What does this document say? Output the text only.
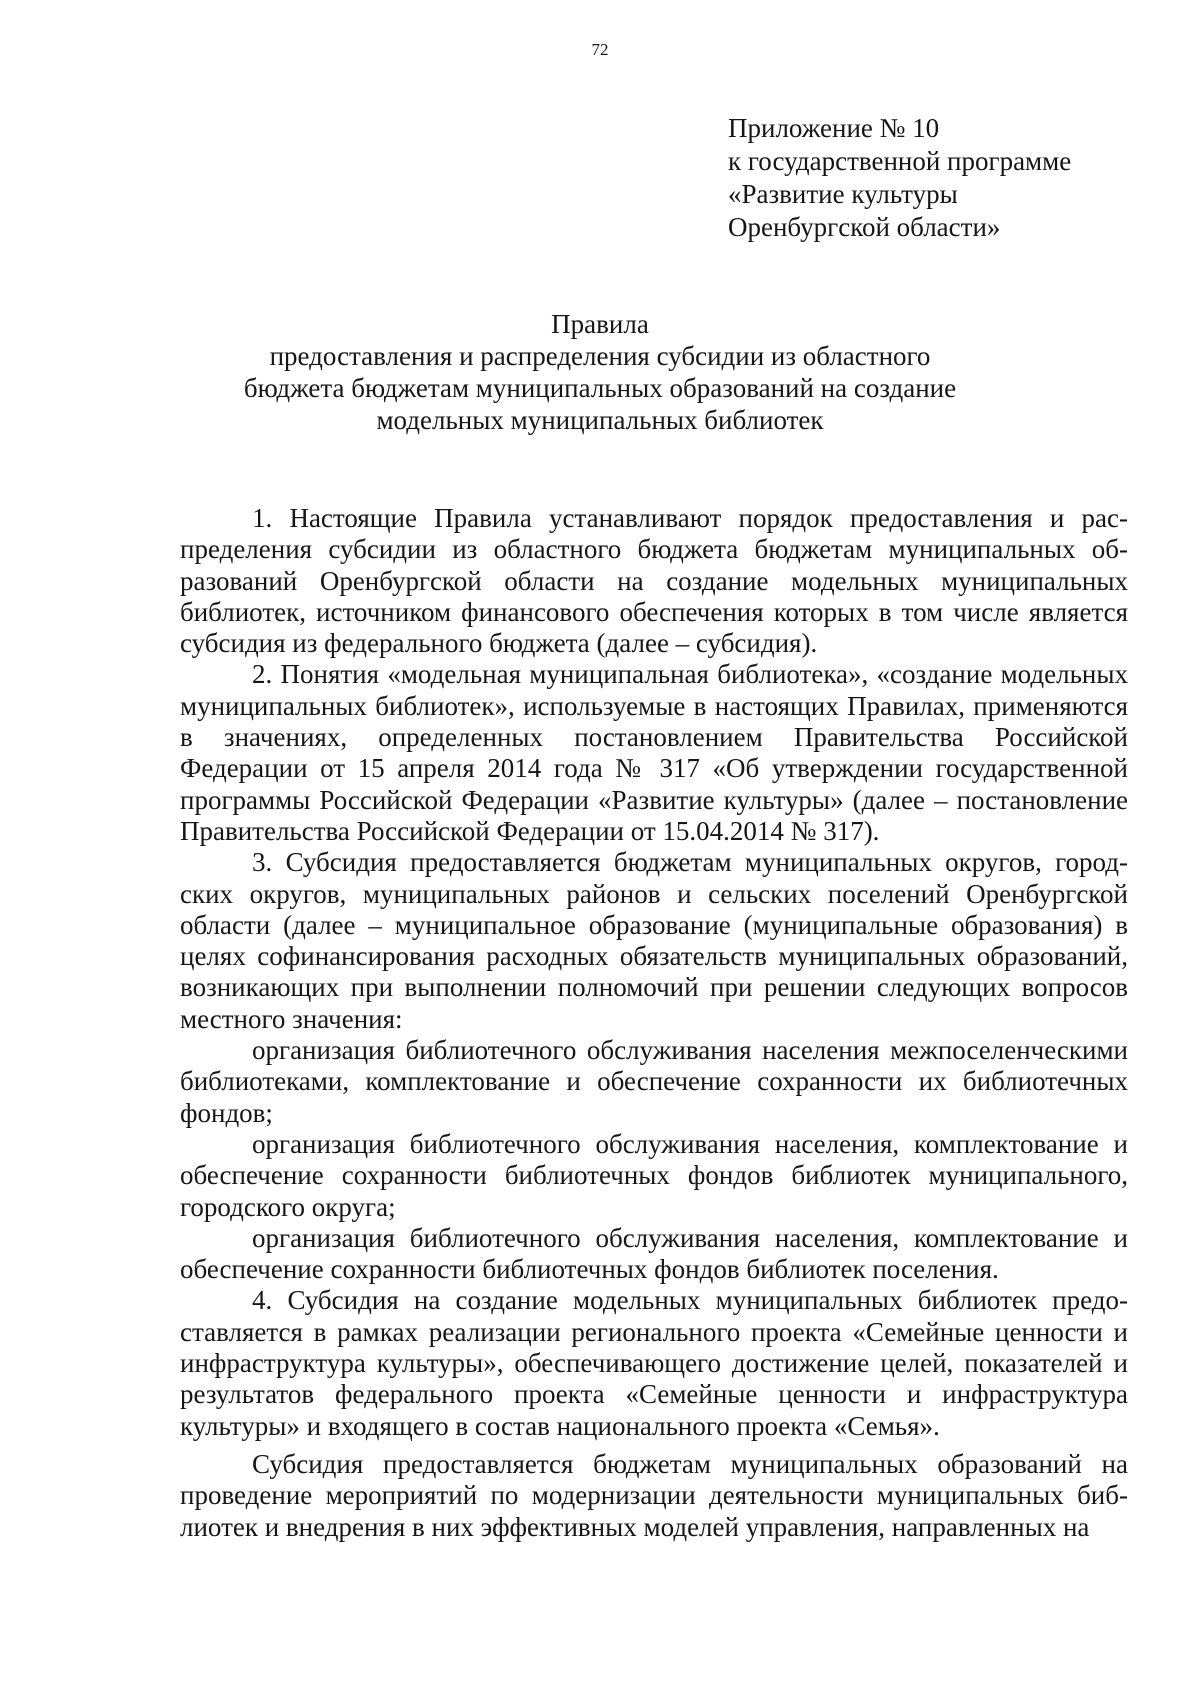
72
Приложение № 10
к государственной программе
«Развитие культуры
Оренбургской области»
Правила
предоставления и распределения субсидии из областного
бюджета бюджетам муниципальных образований на создание
модельных муниципальных библиотек

1. Настоящие Правила устанавливают порядок предоставления и распределения субсидии из областного бюджета бюджетам муниципальных образований Оренбургской области на создание модельных муниципальных библиотек, источником финансового обеспечения которых в том числе является субсидия из федерального бюджета (далее – субсидия).

2. Понятия «модельная муниципальная библиотека», «создание модельных муниципальных библиотек», используемые в настоящих Правилах, применяются в значениях, определенных постановлением Правительства Российской Федерации от 15 апреля 2014 года № 317 «Об утверждении государственной программы Российской Федерации «Развитие культуры» (далее – постановление Правительства Российской Федерации от 15.04.2014 № 317).

3. Субсидия предоставляется бюджетам муниципальных округов, городских округов, муниципальных районов и сельских поселений Оренбургской области (далее – муниципальное образование (муниципальные образования) в целях софинансирования расходных обязательств муниципальных образований, возникающих при выполнении полномочий при решении следующих вопросов местного значения:

организация библиотечного обслуживания населения межпоселенческими библиотеками, комплектование и обеспечение сохранности их библиотечных фондов;

организация библиотечного обслуживания населения, комплектование и обеспечение сохранности библиотечных фондов библиотек муниципального, городского округа;

организация библиотечного обслуживания населения, комплектование и обеспечение сохранности библиотечных фондов библиотек поселения.

4. Субсидия на создание модельных муниципальных библиотек предоставляется в рамках реализации регионального проекта «Семейные ценности и инфраструктура культуры», обеспечивающего достижение целей, показателей и результатов федерального проекта «Семейные ценности и инфраструктура культуры» и входящего в состав национального проекта «Семья».

Субсидия предоставляется бюджетам муниципальных образований на проведение мероприятий по модернизации деятельности муниципальных библиотек и внедрения в них эффективных моделей управления, направленных на
